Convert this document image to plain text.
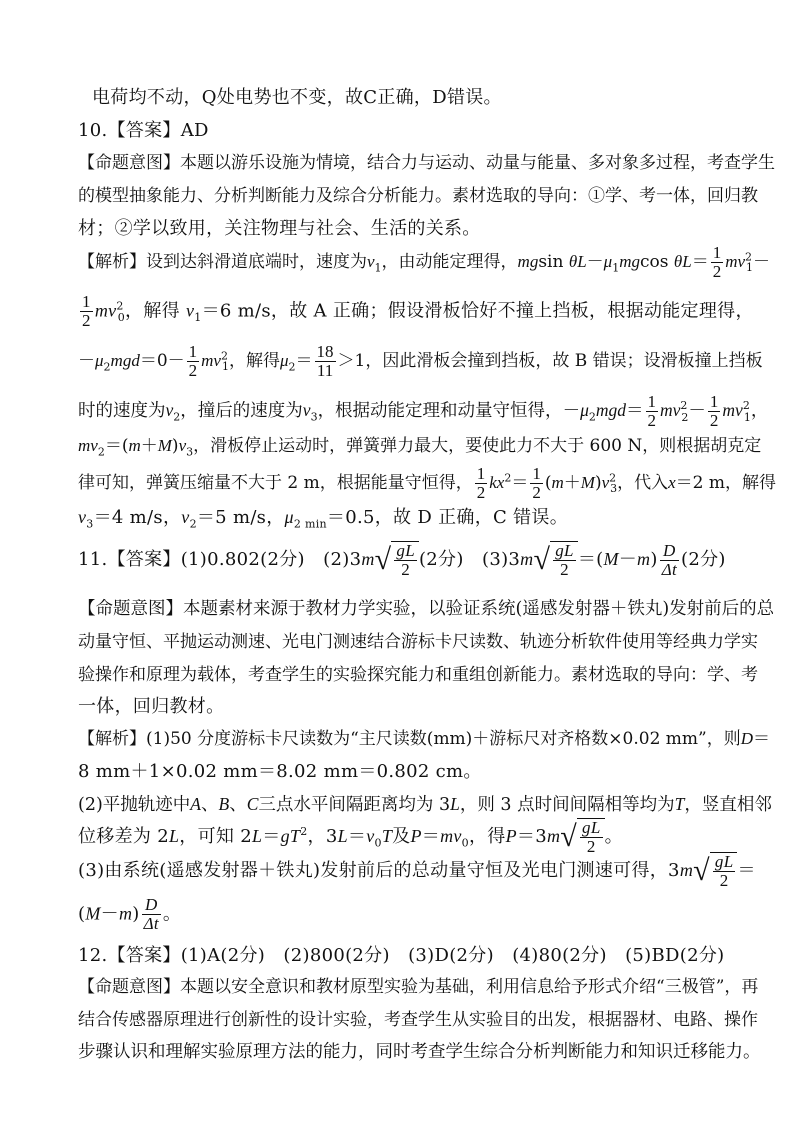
电荷均不动，Q处电势也不变，故C正确，D错误。
10.【答案】AD
【命题意图】本题以游乐设施为情境，结合力与运动、动量与能量、多对象多过程，考查学生
的模型抽象能力、分析判断能力及综合分析能力。素材选取的导向：①学、考一体，回归教
材；②学以致用，关注物理与社会、生活的关系。
【解析】设到达斜滑道底端时，速度为$v_1$，由动能定理得，mgsin $\theta L-\mu_1mgcos$ $\theta L= \frac{1}{2} mv^2_1-$
$\frac{1}{2} mv^2_0$，解得 $v_1=6$ m/s，故 A 正确；假设滑板恰好不撞上挡板，根据动能定理得，
$-\mu_2mgd=0- \frac{1}{2} mv^2_1$，解得$\mu_2= \frac{18}{11} >1$，因此滑板会撞到挡板，故 B 错误；设滑板撞上挡板
时的速度为$v_2$，撞后的速度为$v_3$，根据动能定理和动量守恒得，$-\mu_2mgd= \frac{1}{2} mv^2_2- \frac{1}{2} mv^2_1$，
$mv_2=(m+M)v_3$，滑板停止运动时，弹簧弹力最大，要使此力不大于 600 N，则根据胡克定
律可知，弹簧压缩量不大于 2 m，根据能量守恒得， $\frac{1}{2} kx^2= \frac{1}{2} (m+M)v^2_3$，代入x＝2 m，解得
$v_3=4$ m/s，$v_2=5$ m/s，$\mu_{2 min}=0.5$，故 D 正确，C 错误。
11.【答案】(1)0.802(2分)　 $(2)3m√ \frac{gL}{2} (2$分)　 $(3)3m√ \frac{gL}{2} =(M-m) \frac{D}{\Delta t} (2$分)
【命题意图】本题素材来源于教材力学实验，以验证系统(遥感发射器＋铁丸)发射前后的总
动量守恒、平抛运动测速、光电门测速结合游标卡尺读数、轨迹分析软件使用等经典力学实
验操作和原理为载体，考查学生的实验探究能力和重组创新能力。素材选取的导向：学、考
一体，回归教材。
【解析】(1)50 分度游标卡尺读数为“主尺读数(mm)＋游标尺对齐格数×0.02 mm”，则D＝
8 mm＋1×0.02 mm＝8.02 mm＝0.802 cm。
(2)平抛轨迹中A、B、C三点水平间隔距离均为 3L，则 3 点时间间隔相等均为T，竖直相邻
位移差为 2L，可知 $2L=gT^2$，$3L=v_0T$及$P=mv_0$，得$P=3m√ \frac{gL}{2}$ 。
(3)由系统(遥感发射器＋铁丸)发射前后的总动量守恒及光电门测速可得，$3m√ \frac{gL}{2}$ ＝
$(M-m) \frac{D}{\Delta t}$ 。
12.【答案】(1)A(2分)　(2)800(2分)　(3)D(2分)　(4)80(2分)　(5)BD(2分)
【命题意图】本题以安全意识和教材原型实验为基础，利用信息给予形式介绍“三极管”，再
结合传感器原理进行创新性的设计实验，考查学生从实验目的出发，根据器材、电路、操作
步骤认识和理解实验原理方法的能力，同时考查学生综合分析判断能力和知识迁移能力。
